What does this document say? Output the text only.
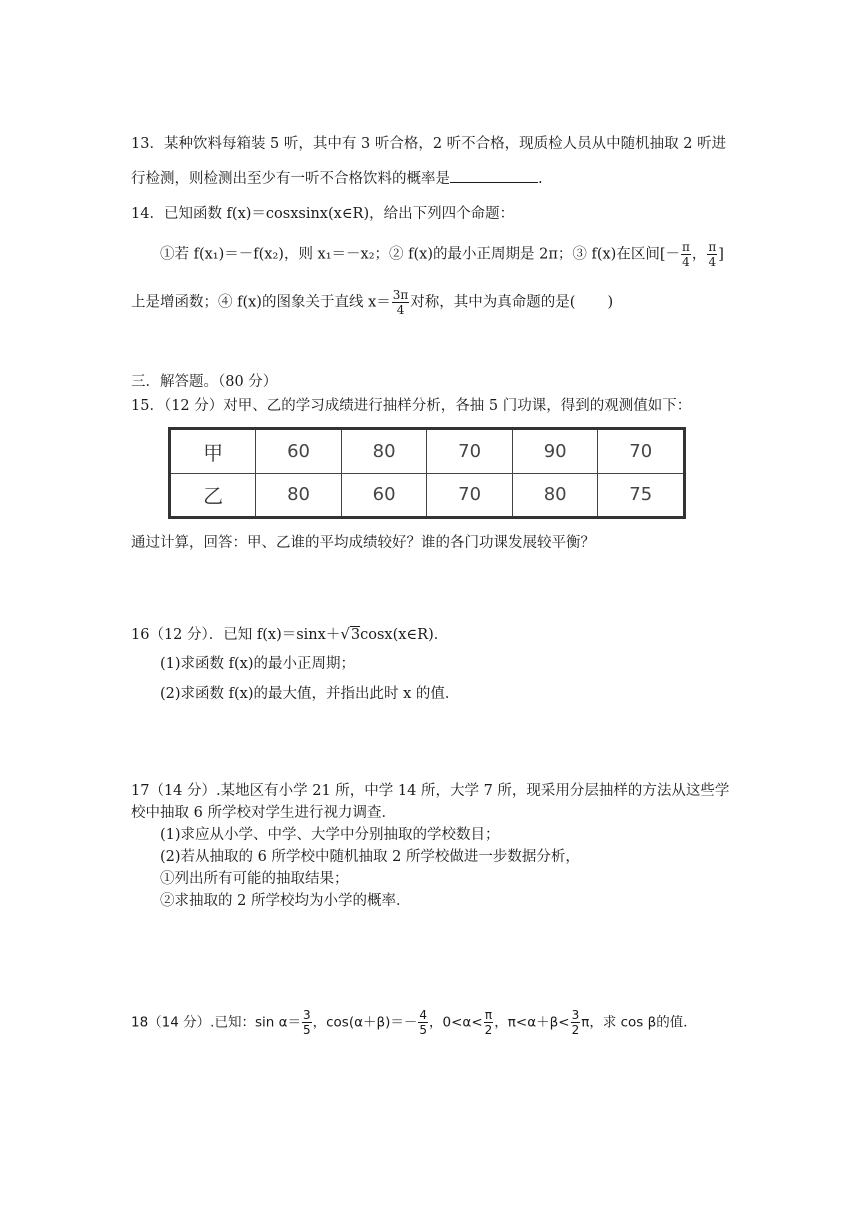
13．某种饮料每箱装 5 听，其中有 3 听合格，2 听不合格，现质检人员从中随机抽取 2 听进
行检测，则检测出至少有一听不合格饮料的概率是	.
14．已知函数 f(x)＝cosxsinx(x∈R)，给出下列四个命题：
①若 f(x₁)＝－f(x₂)，则 x₁＝－x₂；② f(x)的最小正周期是 2π；③ f(x)在区间[－ $\frac{\pi}{4}$ ， $\frac{\pi}{4}$ ]
上是增函数；④ f(x)的图象关于直线 $x= \frac{3\pi}{4}$ 对称，其中为真命题的是( )
三．解答题。（80 分）
15．（12 分）对甲、乙的学习成绩进行抽样分析，各抽 5 门功课，得到的观测值如下：
甲	60	80	70	90	70
乙	80	60	70	80	75
通过计算，回答：甲、乙谁的平均成绩较好？谁的各门功课发展较平衡？
16（12 分）．已知 f(x)＝sinx＋√3cosx(x∈R)．
(1)求函数 f(x)的最小正周期；
(2)求函数 f(x)的最大值，并指出此时 x 的值．
17（14 分）.某地区有小学 21 所，中学 14 所，大学 7 所，现采用分层抽样的方法从这些学
校中抽取 6 所学校对学生进行视力调查．
(1)求应从小学、中学、大学中分别抽取的学校数目；
(2)若从抽取的 6 所学校中随机抽取 2 所学校做进一步数据分析，
①列出所有可能的抽取结果；
②求抽取的 2 所学校均为小学的概率．
18（14 分）.已知：$\sin \alpha= \frac{3}{5}$ ，$\cos(\alpha+\beta)=- \frac{4}{5}$ ，$0<\alpha< \frac{\pi}{2}$ ，$\pi<\alpha+\beta< \frac{3}{2}$ π，求 cos β的值．
